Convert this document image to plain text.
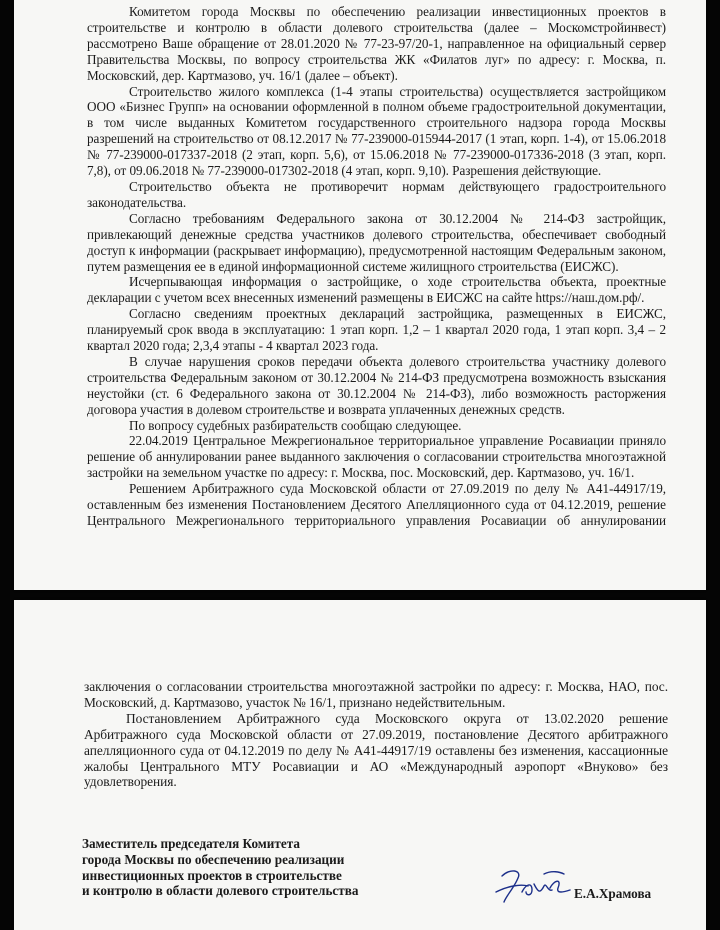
Комитетом города Москвы по обеспечению реализации инвестиционных проектов в строительстве и контролю в области долевого строительства (далее – Москомстройинвест) рассмотрено Ваше обращение от 28.01.2020 № 77-23-97/20-1, направленное на официальный сервер Правительства Москвы, по вопросу строительства ЖК «Филатов луг» по адресу: г. Москва, п. Московский, дер. Картмазово, уч. 16/1 (далее – объект).

Строительство жилого комплекса (1-4 этапы строительства) осуществляется застройщиком ООО «Бизнес Групп» на основании оформленной в полном объеме градостроительной документации, в том числе выданных Комитетом государственного строительного надзора города Москвы разрешений на строительство от 08.12.2017 № 77-239000-015944-2017 (1 этап, корп. 1-4), от 15.06.2018 № 77-239000-017337-2018 (2 этап, корп. 5,6), от 15.06.2018 № 77-239000-017336-2018 (3 этап, корп. 7,8), от 09.06.2018 № 77-239000-017302-2018 (4 этап, корп. 9,10). Разрешения действующие.

Строительство объекта не противоречит нормам действующего градостроительного законодательства.

Согласно требованиям Федерального закона от 30.12.2004 № 214-ФЗ застройщик, привлекающий денежные средства участников долевого строительства, обеспечивает свободный доступ к информации (раскрывает информацию), предусмотренной настоящим Федеральным законом, путем размещения ее в единой информационной системе жилищного строительства (ЕИСЖС).

Исчерпывающая информация о застройщике, о ходе строительства объекта, проектные декларации с учетом всех внесенных изменений размещены в ЕИСЖС на сайте https://наш.дом.рф/.

Согласно сведениям проектных деклараций застройщика, размещенных в ЕИСЖС, планируемый срок ввода в эксплуатацию: 1 этап корп. 1,2 – 1 квартал 2020 года, 1 этап корп. 3,4 – 2 квартал 2020 года; 2,3,4 этапы - 4 квартал 2023 года.

В случае нарушения сроков передачи объекта долевого строительства участнику долевого строительства Федеральным законом от 30.12.2004 № 214-ФЗ предусмотрена возможность взыскания неустойки (ст. 6 Федерального закона от 30.12.2004 № 214-ФЗ), либо возможность расторжения договора участия в долевом строительстве и возврата уплаченных денежных средств.

По вопросу судебных разбирательств сообщаю следующее.

22.04.2019 Центральное Межрегиональное территориальное управление Росавиации приняло решение об аннулировании ранее выданного заключения о согласовании строительства многоэтажной застройки на земельном участке по адресу: г. Москва, пос. Московский, дер. Картмазово, уч. 16/1.

Решением Арбитражного суда Московской области от 27.09.2019 по делу № А41-44917/19, оставленным без изменения Постановлением Десятого Апелляционного суда от 04.12.2019, решение Центрального Межрегионального территориального управления Росавиации об аннулировании

заключения о согласовании строительства многоэтажной застройки по адресу: г. Москва, НАО, пос. Московский, д. Картмазово, участок № 16/1, признано недействительным.

Постановлением Арбитражного суда Московского округа от 13.02.2020 решение Арбитражного суда Московской области от 27.09.2019, постановление Десятого арбитражного апелляционного суда от 04.12.2019 по делу № А41-44917/19 оставлены без изменения, кассационные жалобы Центрального МТУ Росавиации и АО «Международный аэропорт «Внуково» без удовлетворения.

Заместитель председателя Комитета
города Москвы по обеспечению реализации
инвестиционных проектов в строительстве
и контролю в области долевого строительства	Е.А.Храмова
